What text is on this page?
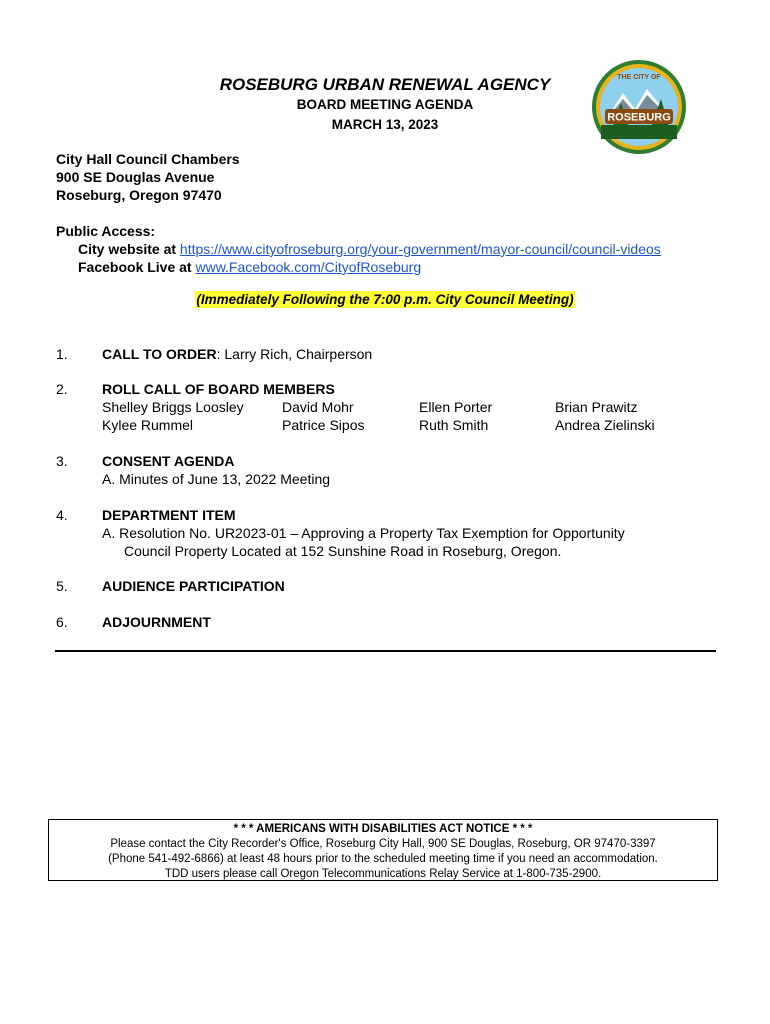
ROSEBURG URBAN RENEWAL AGENCY
BOARD MEETING AGENDA
MARCH 13, 2023	ROSEBURG
THE CITY OF
City Hall Council Chambers
900 SE Douglas Avenue
Roseburg, Oregon 97470
Public Access:
City website at https://www.cityofroseburg.org/your-government/mayor-council/council-videos
Facebook Live at www.Facebook.com/CityofRoseburg
(Immediately Following the 7:00 p.m. City Council Meeting)
1. CALL TO ORDER: Larry Rich, Chairperson
2. ROLL CALL OF BOARD MEMBERS
Shelley Briggs Loosley	David Mohr	Ellen Porter	Brian Prawitz
Kylee Rummel	Patrice Sipos	Ruth Smith	Andrea Zielinski
3. CONSENT AGENDA
A. Minutes of June 13, 2022 Meeting
4. DEPARTMENT ITEM
A. Resolution No. UR2023-01 – Approving a Property Tax Exemption for Opportunity
Council Property Located at 152 Sunshine Road in Roseburg, Oregon.
5. AUDIENCE PARTICIPATION
6. ADJOURNMENT
* * * AMERICANS WITH DISABILITIES ACT NOTICE * * *
Please contact the City Recorder's Office, Roseburg City Hall, 900 SE Douglas, Roseburg, OR 97470-3397
(Phone 541-492-6866) at least 48 hours prior to the scheduled meeting time if you need an accommodation.
TDD users please call Oregon Telecommunications Relay Service at 1-800-735-2900.
